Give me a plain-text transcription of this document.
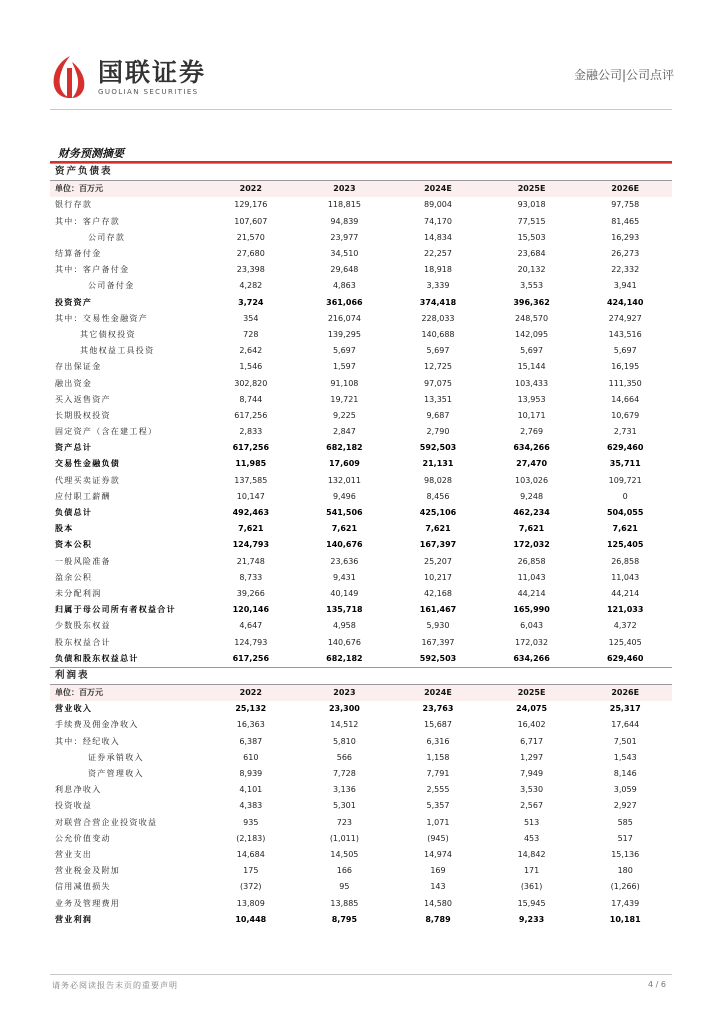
国联证券
GUOLIAN SECURITIES
金融公司|公司点评
财务预测摘要
资产负债表					
单位：百万元	2022	2023	2024E	2025E	2026E
银行存款	129,176	118,815	89,004	93,018	97,758
其中：客户存款	107,607	94,839	74,170	77,515	81,465
公司存款	21,570	23,977	14,834	15,503	16,293
结算备付金	27,680	34,510	22,257	23,684	26,273
其中：客户备付金	23,398	29,648	18,918	20,132	22,332
公司备付金	4,282	4,863	3,339	3,553	3,941
投资资产	3,724	361,066	374,418	396,362	424,140
其中：交易性金融资产	354	216,074	228,033	248,570	274,927
其它债权投资	728	139,295	140,688	142,095	143,516
其他权益工具投资	2,642	5,697	5,697	5,697	5,697
存出保证金	1,546	1,597	12,725	15,144	16,195
融出资金	302,820	91,108	97,075	103,433	111,350
买入返售资产	8,744	19,721	13,351	13,953	14,664
长期股权投资	617,256	9,225	9,687	10,171	10,679
固定资产（含在建工程）	2,833	2,847	2,790	2,769	2,731
资产总计	617,256	682,182	592,503	634,266	629,460
交易性金融负债	11,985	17,609	21,131	27,470	35,711
代理买卖证券款	137,585	132,011	98,028	103,026	109,721
应付职工薪酬	10,147	9,496	8,456	9,248	0
负债总计	492,463	541,506	425,106	462,234	504,055
股本	7,621	7,621	7,621	7,621	7,621
资本公积	124,793	140,676	167,397	172,032	125,405
一般风险准备	21,748	23,636	25,207	26,858	26,858
盈余公积	8,733	9,431	10,217	11,043	11,043
未分配利润	39,266	40,149	42,168	44,214	44,214
归属于母公司所有者权益合计	120,146	135,718	161,467	165,990	121,033
少数股东权益	4,647	4,958	5,930	6,043	4,372
股东权益合计	124,793	140,676	167,397	172,032	125,405
负债和股东权益总计	617,256	682,182	592,503	634,266	629,460
利润表					
单位：百万元	2022	2023	2024E	2025E	2026E
营业收入	25,132	23,300	23,763	24,075	25,317
手续费及佣金净收入	16,363	14,512	15,687	16,402	17,644
其中：经纪收入	6,387	5,810	6,316	6,717	7,501
证券承销收入	610	566	1,158	1,297	1,543
资产管理收入	8,939	7,728	7,791	7,949	8,146
利息净收入	4,101	3,136	2,555	3,530	3,059
投资收益	4,383	5,301	5,357	2,567	2,927
对联营合营企业投资收益	935	723	1,071	513	585
公允价值变动	(2,183)	(1,011)	(945)	453	517
营业支出	14,684	14,505	14,974	14,842	15,136
营业税金及附加	175	166	169	171	180
信用减值损失	(372)	95	143	(361)	(1,266)
业务及管理费用	13,809	13,885	14,580	15,945	17,439
营业利润	10,448	8,795	8,789	9,233	10,181
请务必阅读报告末页的重要声明	4 / 6
